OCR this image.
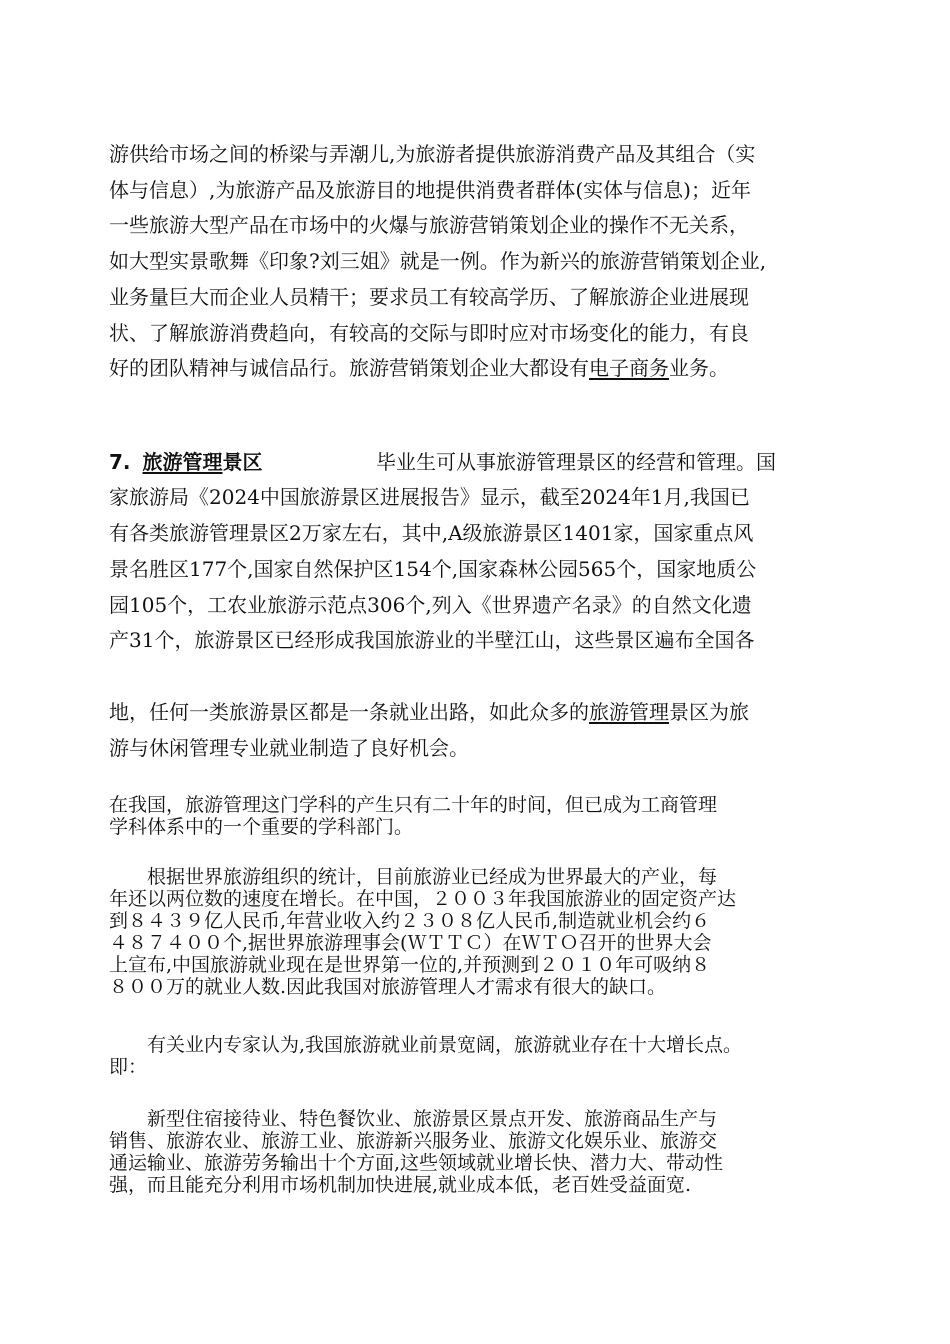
游供给市场之间的桥梁与弄潮儿,为旅游者提供旅游消费产品及其组合（实
体与信息）,为旅游产品及旅游目的地提供消费者群体(实体与信息)；近年
一些旅游大型产品在市场中的火爆与旅游营销策划企业的操作不无关系，
如大型实景歌舞《印象?刘三姐》就是一例。作为新兴的旅游营销策划企业,
业务量巨大而企业人员精干；要求员工有较高学历、了解旅游企业进展现
状、了解旅游消费趋向，有较高的交际与即时应对市场变化的能力，有良
好的团队精神与诚信品行。旅游营销策划企业大都设有电子商务业务。
7. 旅游管理景区	毕业生可从事旅游管理景区的经营和管理。国
家旅游局《2024中国旅游景区进展报告》显示，截至2024年1月,我国已
有各类旅游管理景区2万家左右，其中,A级旅游景区1401家，国家重点风
景名胜区177个,国家自然保护区154个,国家森林公园565个，国家地质公
园105个，工农业旅游示范点306个,列入《世界遗产名录》的自然文化遗
产31个，旅游景区已经形成我国旅游业的半壁江山，这些景区遍布全国各
地，任何一类旅游景区都是一条就业出路，如此众多的旅游管理景区为旅
游与休闲管理专业就业制造了良好机会。
在我国，旅游管理这门学科的产生只有二十年的时间，但已成为工商管理
学科体系中的一个重要的学科部门。
　　根据世界旅游组织的统计，目前旅游业已经成为世界最大的产业，每
年还以两位数的速度在增长。在中国，２００３年我国旅游业的固定资产达
到８４３９亿人民币,年营业收入约２３０８亿人民币,制造就业机会约６
４８７４００个,据世界旅游理事会(ＷＴＴＣ）在ＷＴＯ召开的世界大会
上宣布,中国旅游就业现在是世界第一位的,并预测到２０１０年可吸纳８
８００万的就业人数.因此我国对旅游管理人才需求有很大的缺口。
　　有关业内专家认为,我国旅游就业前景宽阔，旅游就业存在十大增长点。
即：
　　新型住宿接待业、特色餐饮业、旅游景区景点开发、旅游商品生产与
销售、旅游农业、旅游工业、旅游新兴服务业、旅游文化娱乐业、旅游交
通运输业、旅游劳务输出十个方面,这些领域就业增长快、潜力大、带动性
强，而且能充分利用市场机制加快进展,就业成本低，老百姓受益面宽.
